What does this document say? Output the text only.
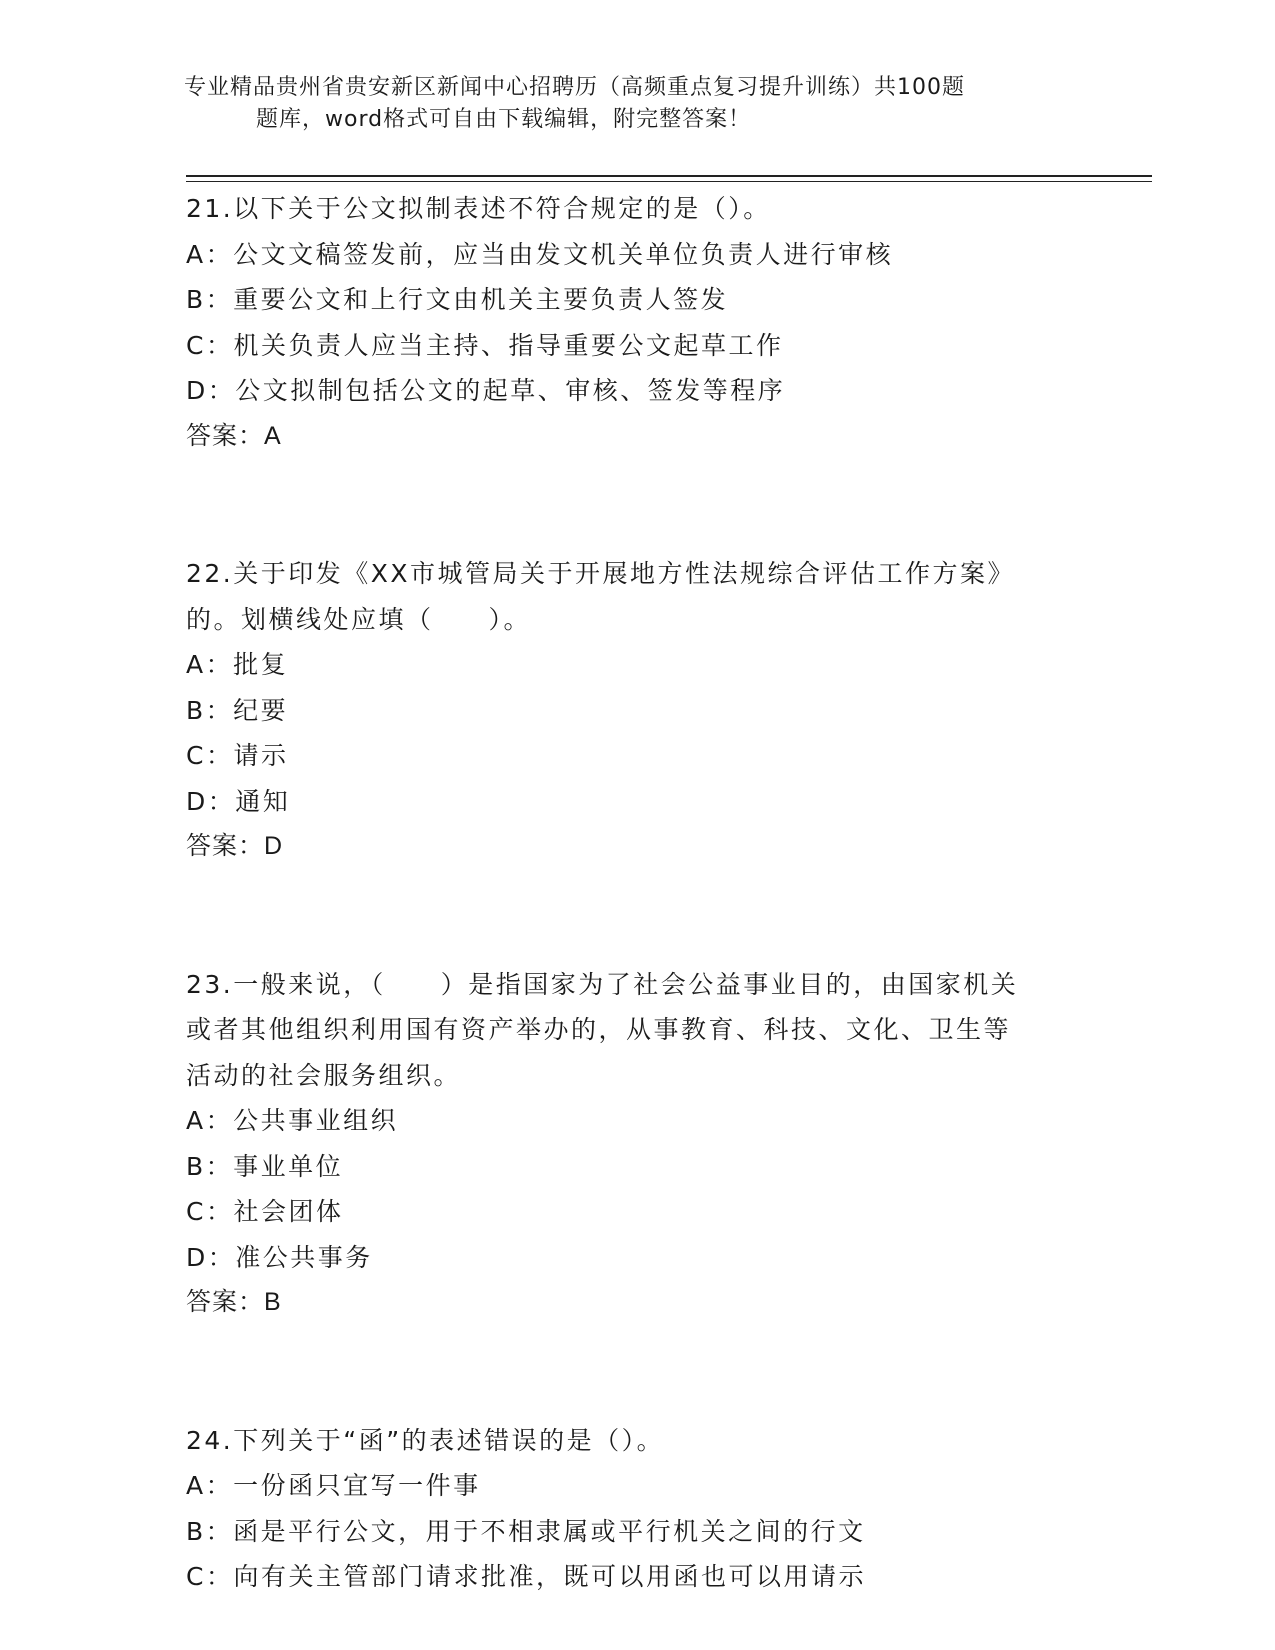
专业精品贵州省贵安新区新闻中心招聘历（高频重点复习提升训练）共100题
题库，word格式可自由下载编辑，附完整答案！
21.以下关于公文拟制表述不符合规定的是（）。
A：公文文稿签发前，应当由发文机关单位负责人进行审核
B：重要公文和上行文由机关主要负责人签发
C：机关负责人应当主持、指导重要公文起草工作
D：公文拟制包括公文的起草、审核、签发等程序
答案：A
22.关于印发《XX市城管局关于开展地方性法规综合评估工作方案》
的。划横线处应填（　　）。
A：批复
B：纪要
C：请示
D：通知
答案：D
23.一般来说，（　　）是指国家为了社会公益事业目的，由国家机关
或者其他组织利用国有资产举办的，从事教育、科技、文化、卫生等
活动的社会服务组织。
A：公共事业组织
B：事业单位
C：社会团体
D：准公共事务
答案：B
24.下列关于“函”的表述错误的是（）。
A：一份函只宜写一件事
B：函是平行公文，用于不相隶属或平行机关之间的行文
C：向有关主管部门请求批准，既可以用函也可以用请示
